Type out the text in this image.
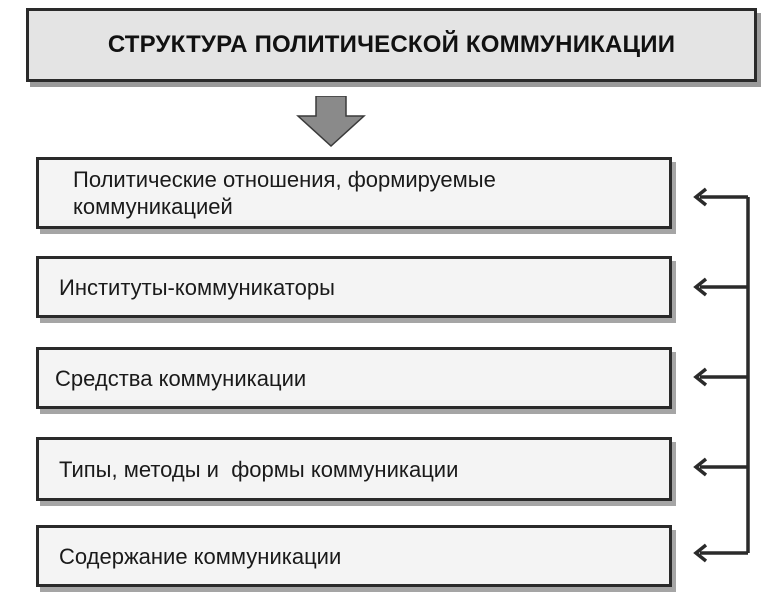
СТРУКТУРА ПОЛИТИЧЕСКОЙ КОММУНИКАЦИИ
Политические отношения, формируемые коммуникацией
Институты-коммуникаторы
Средства коммуникации
Типы, методы и  формы коммуникации
Содержание коммуникации
